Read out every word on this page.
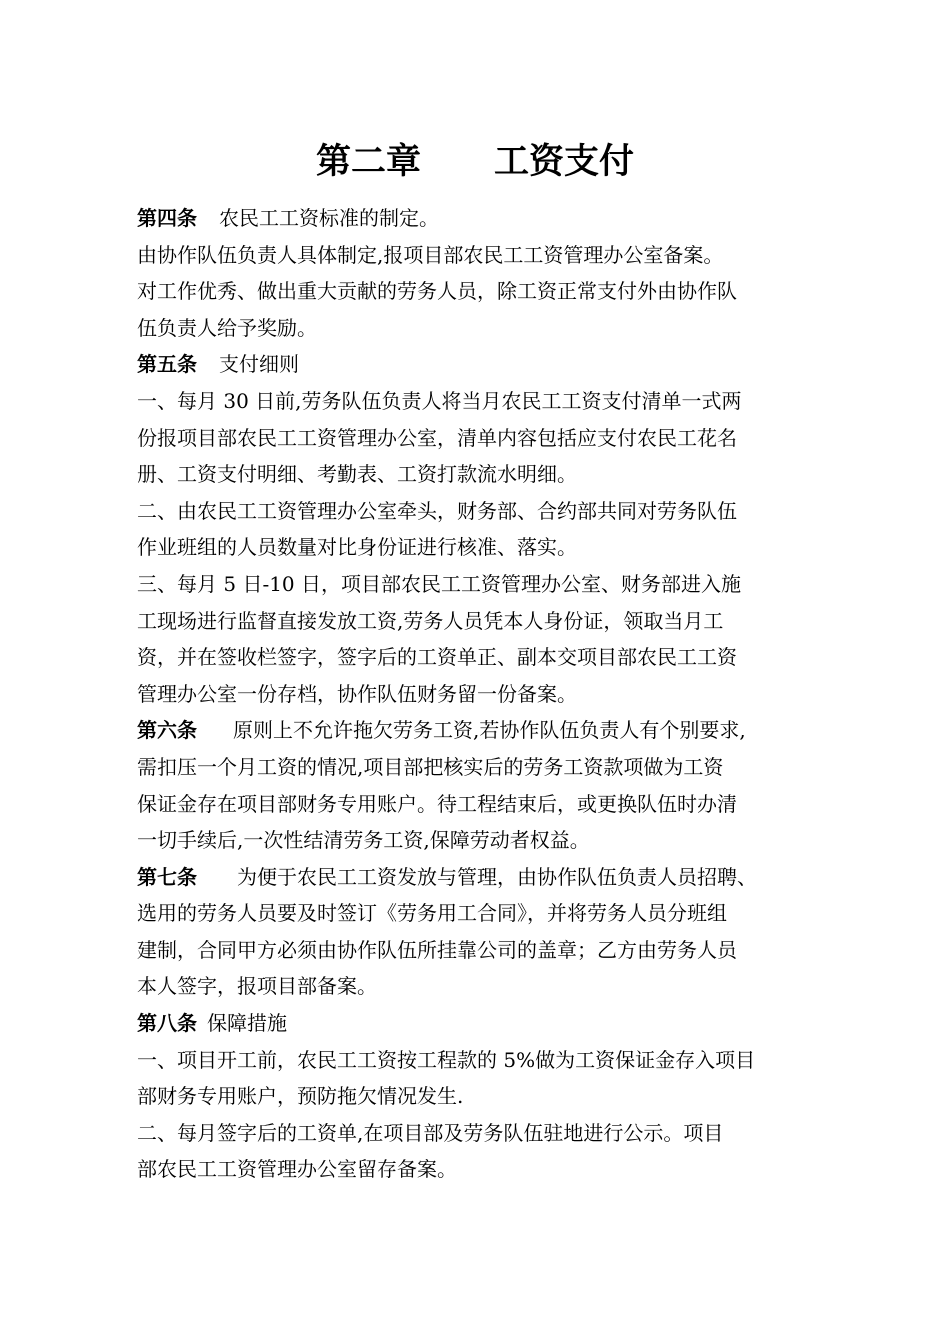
第二章      工资支付
第四条 农民工工资标准的制定。
由协作队伍负责人具体制定,报项目部农民工工资管理办公室备案。
对工作优秀、做出重大贡献的劳务人员，除工资正常支付外由协作队
伍负责人给予奖励。
第五条 支付细则
一、每月 30 日前,劳务队伍负责人将当月农民工工资支付清单一式两
份报项目部农民工工资管理办公室，清单内容包括应支付农民工花名
册、工资支付明细、考勤表、工资打款流水明细。
二、由农民工工资管理办公室牵头，财务部、合约部共同对劳务队伍
作业班组的人员数量对比身份证进行核准、落实。
三、每月 5 日-10 日，项目部农民工工资管理办公室、财务部进入施
工现场进行监督直接发放工资,劳务人员凭本人身份证，领取当月工
资，并在签收栏签字，签字后的工资单正、副本交项目部农民工工资
管理办公室一份存档，协作队伍财务留一份备案。
第六条 原则上不允许拖欠劳务工资,若协作队伍负责人有个别要求,
需扣压一个月工资的情况,项目部把核实后的劳务工资款项做为工资
保证金存在项目部财务专用账户。待工程结束后，或更换队伍时办清
一切手续后,一次性结清劳务工资,保障劳动者权益。
第七条 为便于农民工工资发放与管理，由协作队伍负责人员招聘、
选用的劳务人员要及时签订《劳务用工合同》，并将劳务人员分班组
建制，合同甲方必须由协作队伍所挂靠公司的盖章；乙方由劳务人员
本人签字，报项目部备案。
第八条 保障措施
一、项目开工前，农民工工资按工程款的 5%做为工资保证金存入项目
部财务专用账户，预防拖欠情况发生.
二、每月签字后的工资单,在项目部及劳务队伍驻地进行公示。项目
部农民工工资管理办公室留存备案。
